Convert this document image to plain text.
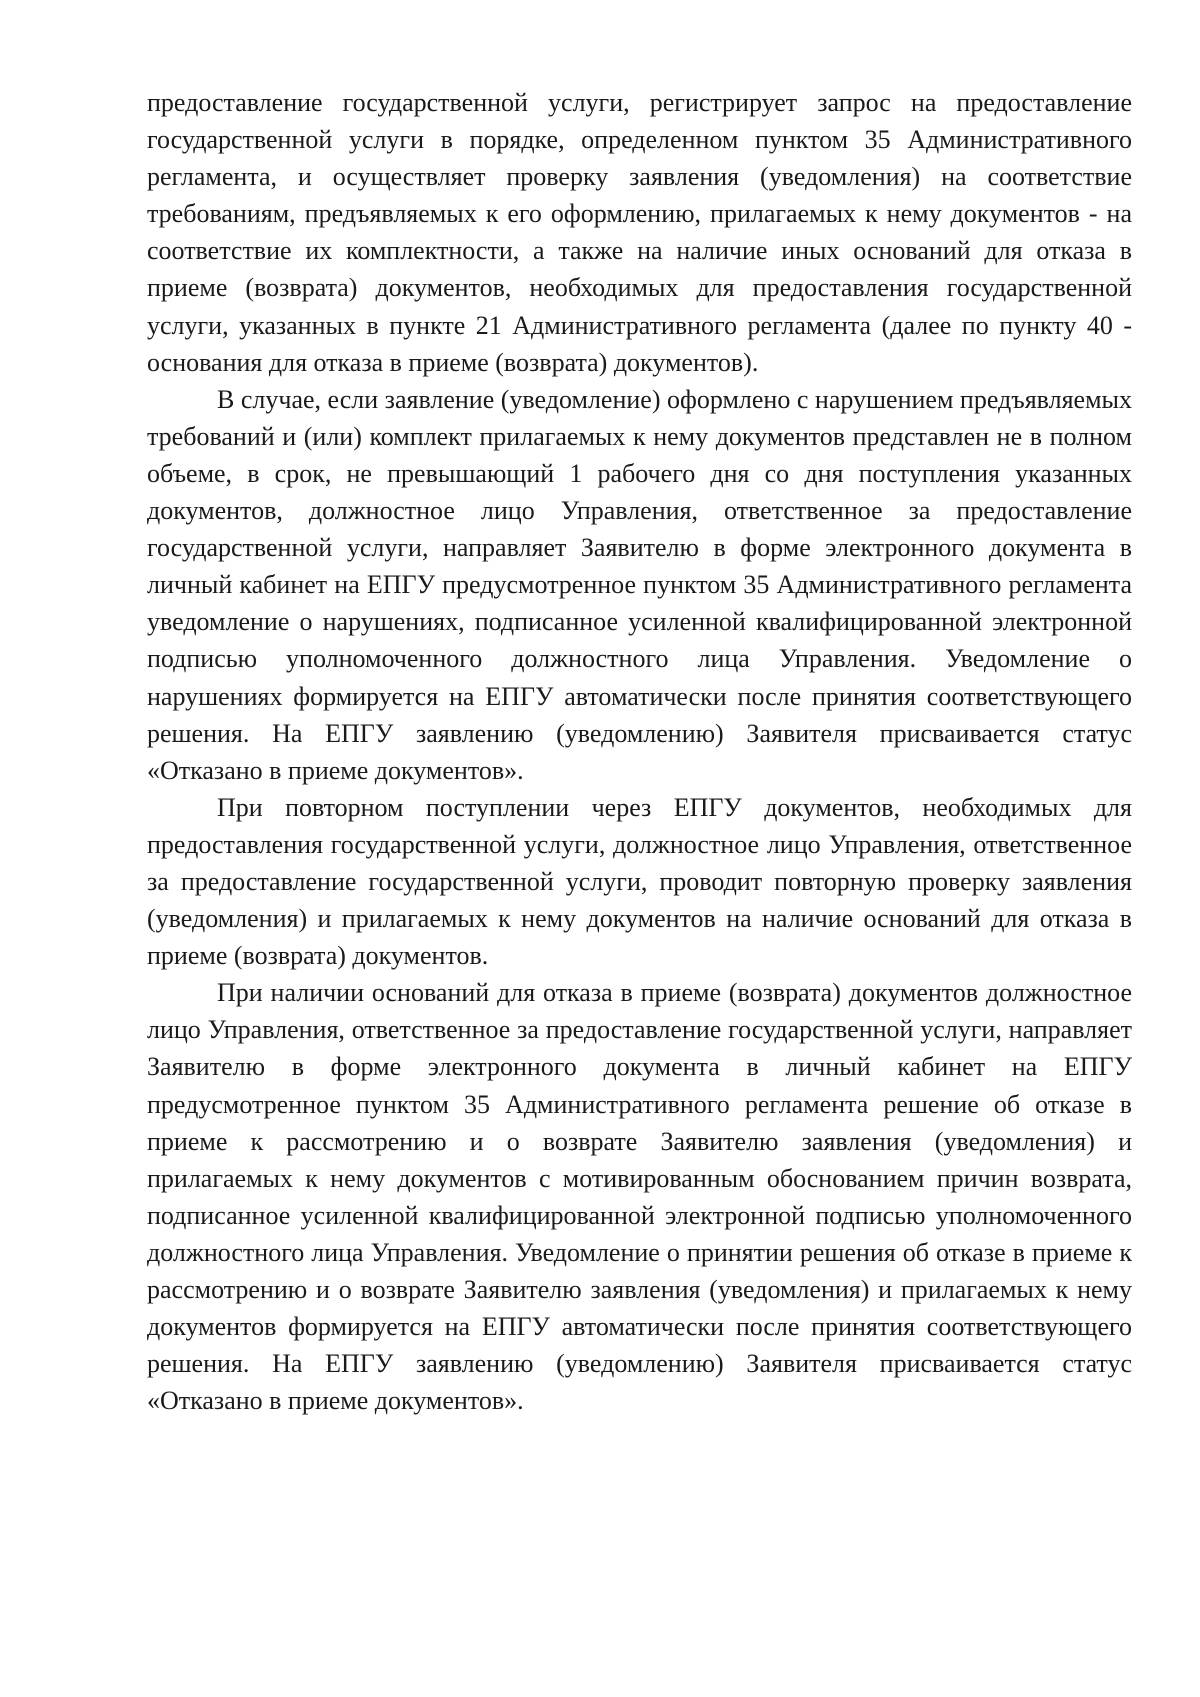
предоставление государственной услуги, регистрирует запрос на предоставление государственной услуги в порядке, определенном пунктом 35 Административного регламента, и осуществляет проверку заявления (уведомления) на соответствие требованиям, предъявляемых к его оформлению, прилагаемых к нему документов - на соответствие их комплектности, а также на наличие иных оснований для отказа в приеме (возврата) документов, необходимых для предоставления государственной услуги, указанных в пункте 21 Административного регламента (далее по пункту 40 - основания для отказа в приеме (возврата) документов).

В случае, если заявление (уведомление) оформлено с нарушением предъявляемых требований и (или) комплект прилагаемых к нему документов представлен не в полном объеме, в срок, не превышающий 1 рабочего дня со дня поступления указанных документов, должностное лицо Управления, ответственное за предоставление государственной услуги, направляет Заявителю в форме электронного документа в личный кабинет на ЕПГУ предусмотренное пунктом 35 Административного регламента уведомление о нарушениях, подписанное усиленной квалифицированной электронной подписью уполномоченного должностного лица Управления. Уведомление о нарушениях формируется на ЕПГУ автоматически после принятия соответствующего решения. На ЕПГУ заявлению (уведомлению) Заявителя присваивается статус «Отказано в приеме документов».

При повторном поступлении через ЕПГУ документов, необходимых для предоставления государственной услуги, должностное лицо Управления, ответственное за предоставление государственной услуги, проводит повторную проверку заявления (уведомления) и прилагаемых к нему документов на наличие оснований для отказа в приеме (возврата) документов.

При наличии оснований для отказа в приеме (возврата) документов должностное лицо Управления, ответственное за предоставление государственной услуги, направляет Заявителю в форме электронного документа в личный кабинет на ЕПГУ предусмотренное пунктом 35 Административного регламента решение об отказе в приеме к рассмотрению и о возврате Заявителю заявления (уведомления) и прилагаемых к нему документов с мотивированным обоснованием причин возврата, подписанное усиленной квалифицированной электронной подписью уполномоченного должностного лица Управления. Уведомление о принятии решения об отказе в приеме к рассмотрению и о возврате Заявителю заявления (уведомления) и прилагаемых к нему документов формируется на ЕПГУ автоматически после принятия соответствующего решения. На ЕПГУ заявлению (уведомлению) Заявителя присваивается статус «Отказано в приеме документов».
